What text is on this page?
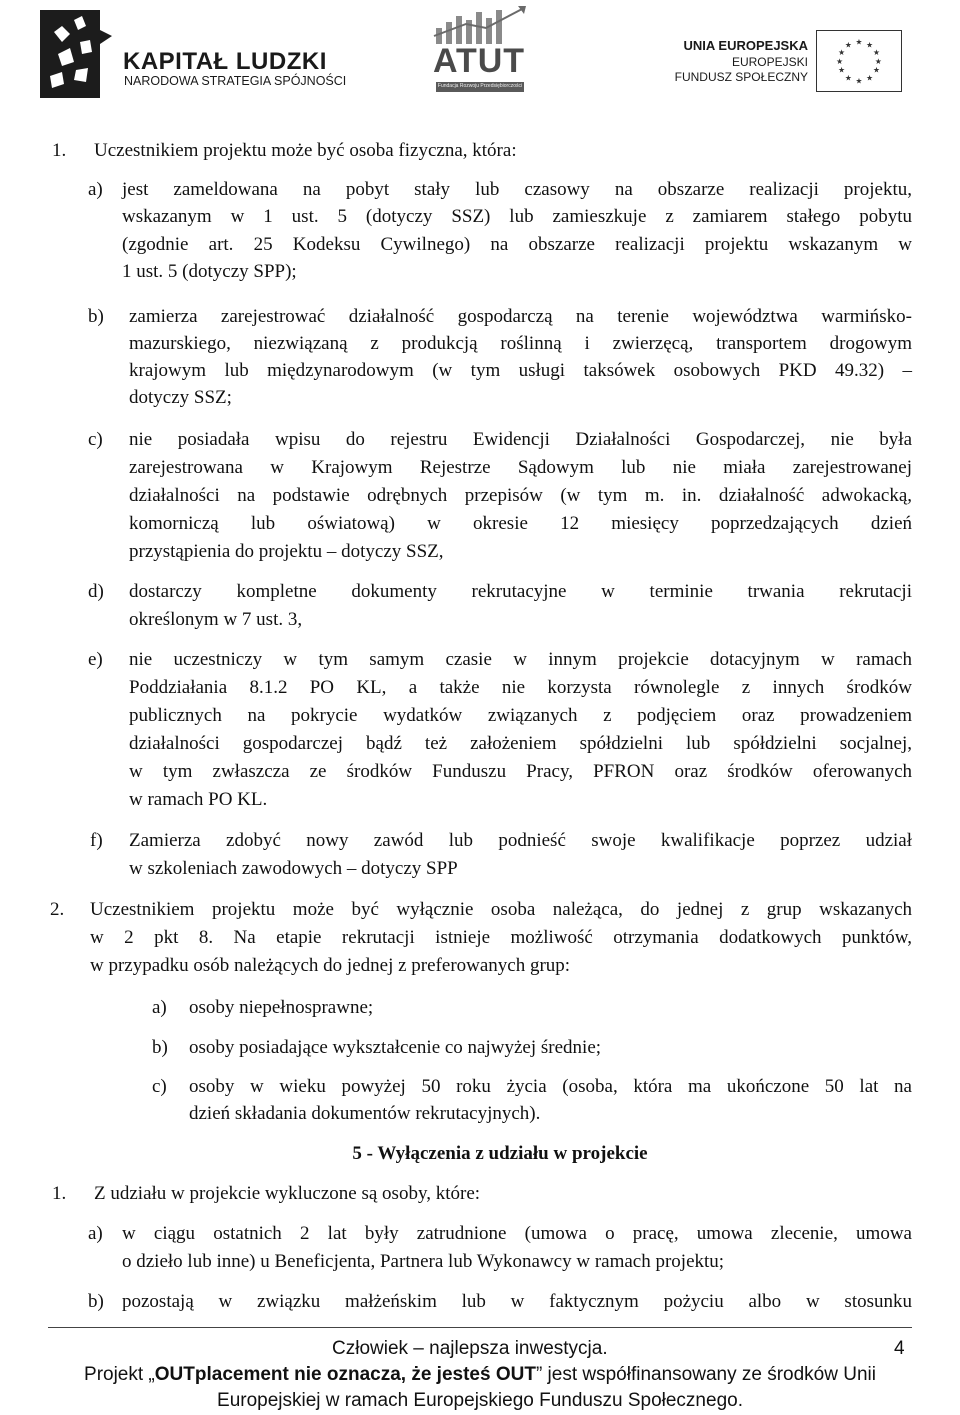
KAPITAŁ LUDZKI
NARODOWA STRATEGIA SPÓJNOŚCI
ATUT
Fundacja Rozwoju Przedsiębiorczości
UNIA EUROPEJSKA
EUROPEJSKI
FUNDUSZ SPOŁECZNY
★ ★
★
★
★
★
★
★
★
★
★
★
1. Uczestnikiem projektu może być osoba fizyczna, która:
a) jest zameldowana na pobyt stały lub czasowy na obszarze realizacji projektu,
wskazanym w 1 ust. 5 (dotyczy SSZ) lub zamieszkuje z zamiarem stałego pobytu
(zgodnie art. 25 Kodeksu Cywilnego) na obszarze realizacji projektu wskazanym w
1 ust. 5 (dotyczy SPP);
b) zamierza zarejestrować działalność gospodarczą na terenie województwa warmińsko-
mazurskiego, niezwiązaną z produkcją roślinną i zwierzęcą, transportem drogowym
krajowym lub międzynarodowym (w tym usługi taksówek osobowych PKD 49.32) –
dotyczy SSZ;
c) nie posiadała wpisu do rejestru Ewidencji Działalności Gospodarczej, nie była
zarejestrowana w Krajowym Rejestrze Sądowym lub nie miała zarejestrowanej
działalności na podstawie odrębnych przepisów (w tym m. in. działalność adwokacką,
komorniczą lub oświatową) w okresie 12 miesięcy poprzedzających dzień
przystąpienia do projektu – dotyczy SSZ,
d) dostarczy kompletne dokumenty rekrutacyjne w terminie trwania rekrutacji
określonym w 7 ust. 3,
e) nie uczestniczy w tym samym czasie w innym projekcie dotacyjnym w ramach
Poddziałania 8.1.2 PO KL, a także nie korzysta równolegle z innych środków
publicznych na pokrycie wydatków związanych z podjęciem oraz prowadzeniem
działalności gospodarczej bądź też założeniem spółdzielni lub spółdzielni socjalnej,
w tym zwłaszcza ze środków Funduszu Pracy, PFRON oraz środków oferowanych
w ramach PO KL.
f) Zamierza zdobyć nowy zawód lub podnieść swoje kwalifikacje poprzez udział
w szkoleniach zawodowych – dotyczy SPP
2. Uczestnikiem projektu może być wyłącznie osoba należąca, do jednej z grup wskazanych
w 2 pkt 8. Na etapie rekrutacji istnieje możliwość otrzymania dodatkowych punktów,
w przypadku osób należących do jednej z preferowanych grup:
a) osoby niepełnosprawne;
b) osoby posiadające wykształcenie co najwyżej średnie;
c) osoby w wieku powyżej 50 roku życia (osoba, która ma ukończone 50 lat na
dzień składania dokumentów rekrutacyjnych).
5 - Wyłączenia z udziału w projekcie
1. Z udziału w projekcie wykluczone są osoby, które:
a) w ciągu ostatnich 2 lat były zatrudnione (umowa o pracę, umowa zlecenie, umowa
o dzieło lub inne) u Beneficjenta, Partnera lub Wykonawcy w ramach projektu;
b) pozostają w związku małżeńskim lub w faktycznym pożyciu albo w stosunku
Człowiek – najlepsza inwestycja.	4
Projekt „OUTplacement nie oznacza, że jesteś OUT” jest współfinansowany ze środków Unii
Europejskiej w ramach Europejskiego Funduszu Społecznego.
